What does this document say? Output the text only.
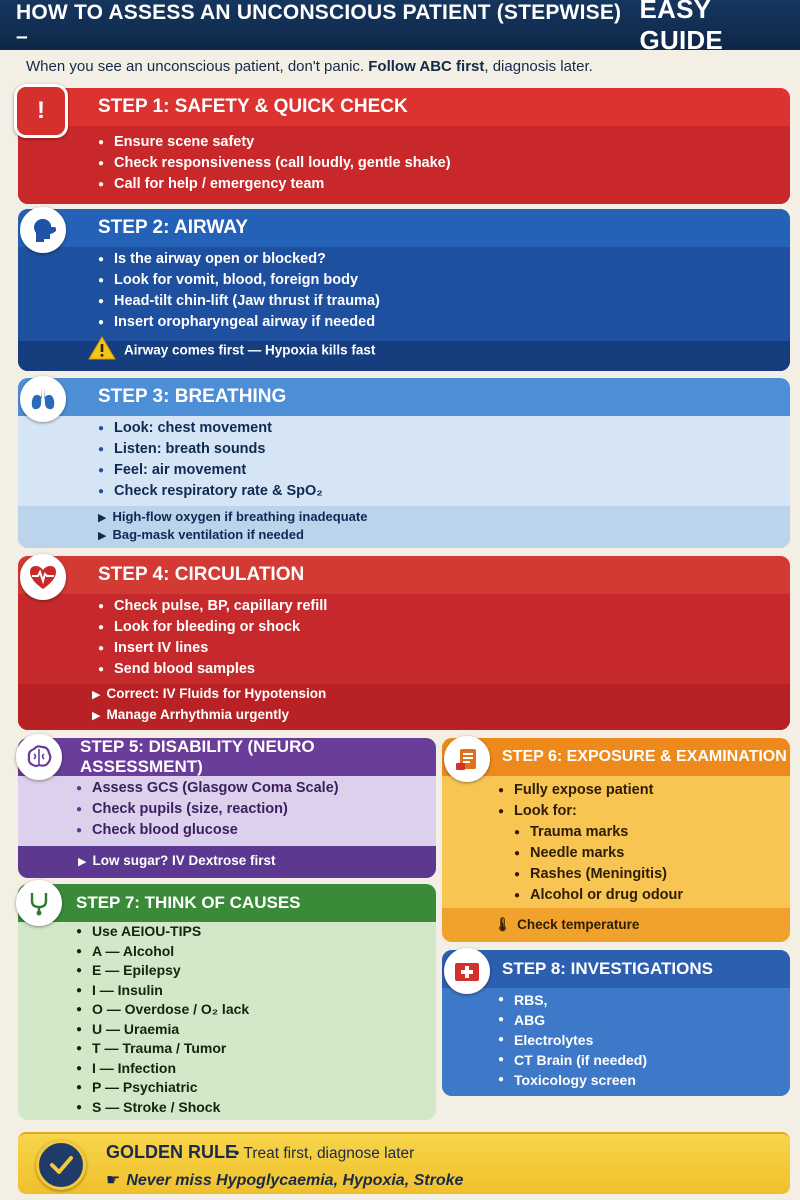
HOW TO ASSESS AN UNCONSCIOUS PATIENT (STEPWISE) –
EASY GUIDE
When you see an unconscious patient, don't panic. Follow ABC first, diagnosis later.
STEP 1: SAFETY & QUICK CHECK
!
● Ensure scene safety
● Check responsiveness (call loudly, gentle shake)
● Call for help / emergency team
STEP 2: AIRWAY
● Is the airway open or blocked?
● Look for vomit, blood, foreign body
● Head-tilt chin-lift (Jaw thrust if trauma)
● Insert oropharyngeal airway if needed
Airway comes first — Hypoxia kills fast
STEP 3: BREATHING
● Look: chest movement
● Listen: breath sounds
● Feel: air movement
● Check respiratory rate & SpO₂
▶ High-flow oxygen if breathing inadequate
▶ Bag-mask ventilation if needed
STEP 4: CIRCULATION
● Check pulse, BP, capillary refill
● Look for bleeding or shock
● Insert IV lines
● Send blood samples
▶ Correct: IV Fluids for Hypotension
▶ Manage Arrhythmia urgently
STEP 5: DISABILITY (NEURO ASSESSMENT)
● Assess GCS (Glasgow Coma Scale)
● Check pupils (size, reaction)
● Check blood glucose
▶ Low sugar? IV Dextrose first
STEP 6: EXPOSURE & EXAMINATION
● Fully expose patient
● Look for:
● Trauma marks
● Needle marks
● Rashes (Meningitis)
● Alcohol or drug odour
🌡 Check temperature
STEP 7: THINK OF CAUSES
● Use AEIOU-TIPS
● A — Alcohol
● E — Epilepsy
● I — Insulin
● O — Overdose / O₂ lack
● U — Uraemia
● T — Trauma / Tumor
● I — Infection
● P — Psychiatric
● S — Stroke / Shock
STEP 8: INVESTIGATIONS
● RBS,
● ABG
● Electrolytes
● CT Brain (if needed)
● Toxicology screen
GOLDEN RULE
• Treat first, diagnose later
☛ Never miss Hypoglycaemia, Hypoxia, Stroke
